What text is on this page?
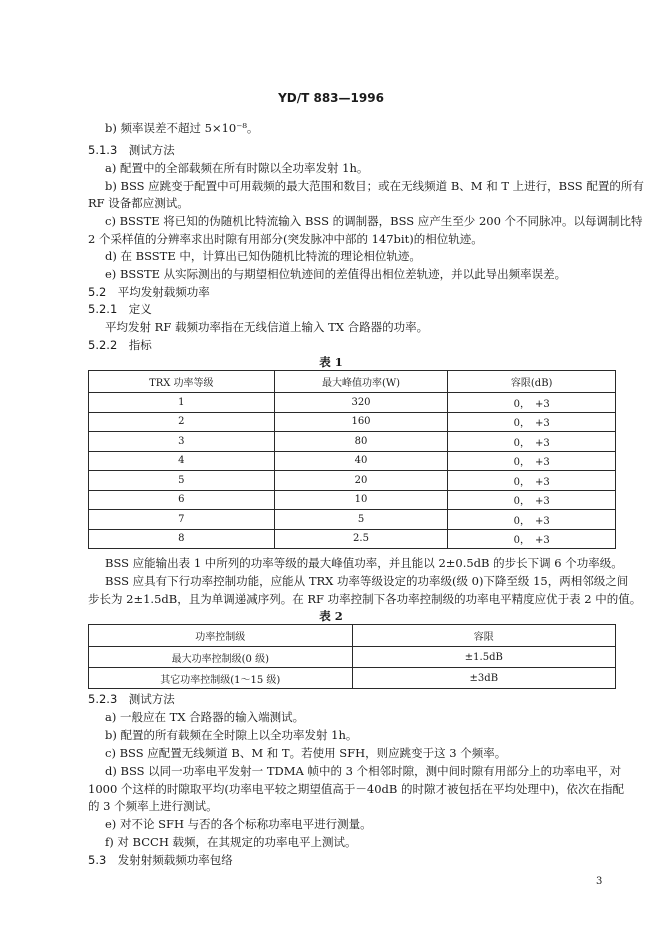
YD/T 883—1996
b) 频率误差不超过 5×10⁻⁸。
5.1.3　测试方法
a) 配置中的全部载频在所有时隙以全功率发射 1h。
b) BSS 应跳变于配置中可用载频的最大范围和数目；或在无线频道 B、M 和 T 上进行，BSS 配置的所有
RF 设备都应测试。
c) BSSTE 将已知的伪随机比特流输入 BSS 的调制器，BSS 应产生至少 200 个不同脉冲。以每调制比特
2 个采样值的分辨率求出时隙有用部分(突发脉冲中部的 147bit)的相位轨迹。
d) 在 BSSTE 中，计算出已知伪随机比特流的理论相位轨迹。
e) BSSTE 从实际测出的与期望相位轨迹间的差值得出相位差轨迹，并以此导出频率误差。
5.2　平均发射载频功率
5.2.1　定义
平均发射 RF 载频功率指在无线信道上输入 TX 合路器的功率。
5.2.2　指标
表 1
TRX 功率等级	最大峰值功率(W)	容限(dB)
1	320	0，　+3
2	160	0，　+3
3	80	0，　+3
4	40	0，　+3
5	20	0，　+3
6	10	0，　+3
7	5	0，　+3
8	2.5	0，　+3
BSS 应能输出表 1 中所列的功率等级的最大峰值功率，并且能以 2±0.5dB 的步长下调 6 个功率级。
BSS 应具有下行功率控制功能，应能从 TRX 功率等级设定的功率级(级 0)下降至级 15，两相邻级之间
步长为 2±1.5dB，且为单调递减序列。在 RF 功率控制下各功率控制级的功率电平精度应优于表 2 中的值。
表 2
功率控制级	容限
最大功率控制级(0 级)	±1.5dB
其它功率控制级(1～15 级)	±3dB
5.2.3　测试方法
a) 一般应在 TX 合路器的输入端测试。
b) 配置的所有载频在全时隙上以全功率发射 1h。
c) BSS 应配置无线频道 B、M 和 T。若使用 SFH，则应跳变于这 3 个频率。
d) BSS 以同一功率电平发射一 TDMA 帧中的 3 个相邻时隙，测中间时隙有用部分上的功率电平，对
1000 个这样的时隙取平均(功率电平较之期望值高于－40dB 的时隙才被包括在平均处理中)，依次在指配
的 3 个频率上进行测试。
e) 对不论 SFH 与否的各个标称功率电平进行测量。
f) 对 BCCH 载频，在其规定的功率电平上测试。
5.3　发射射频载频功率包络
3
